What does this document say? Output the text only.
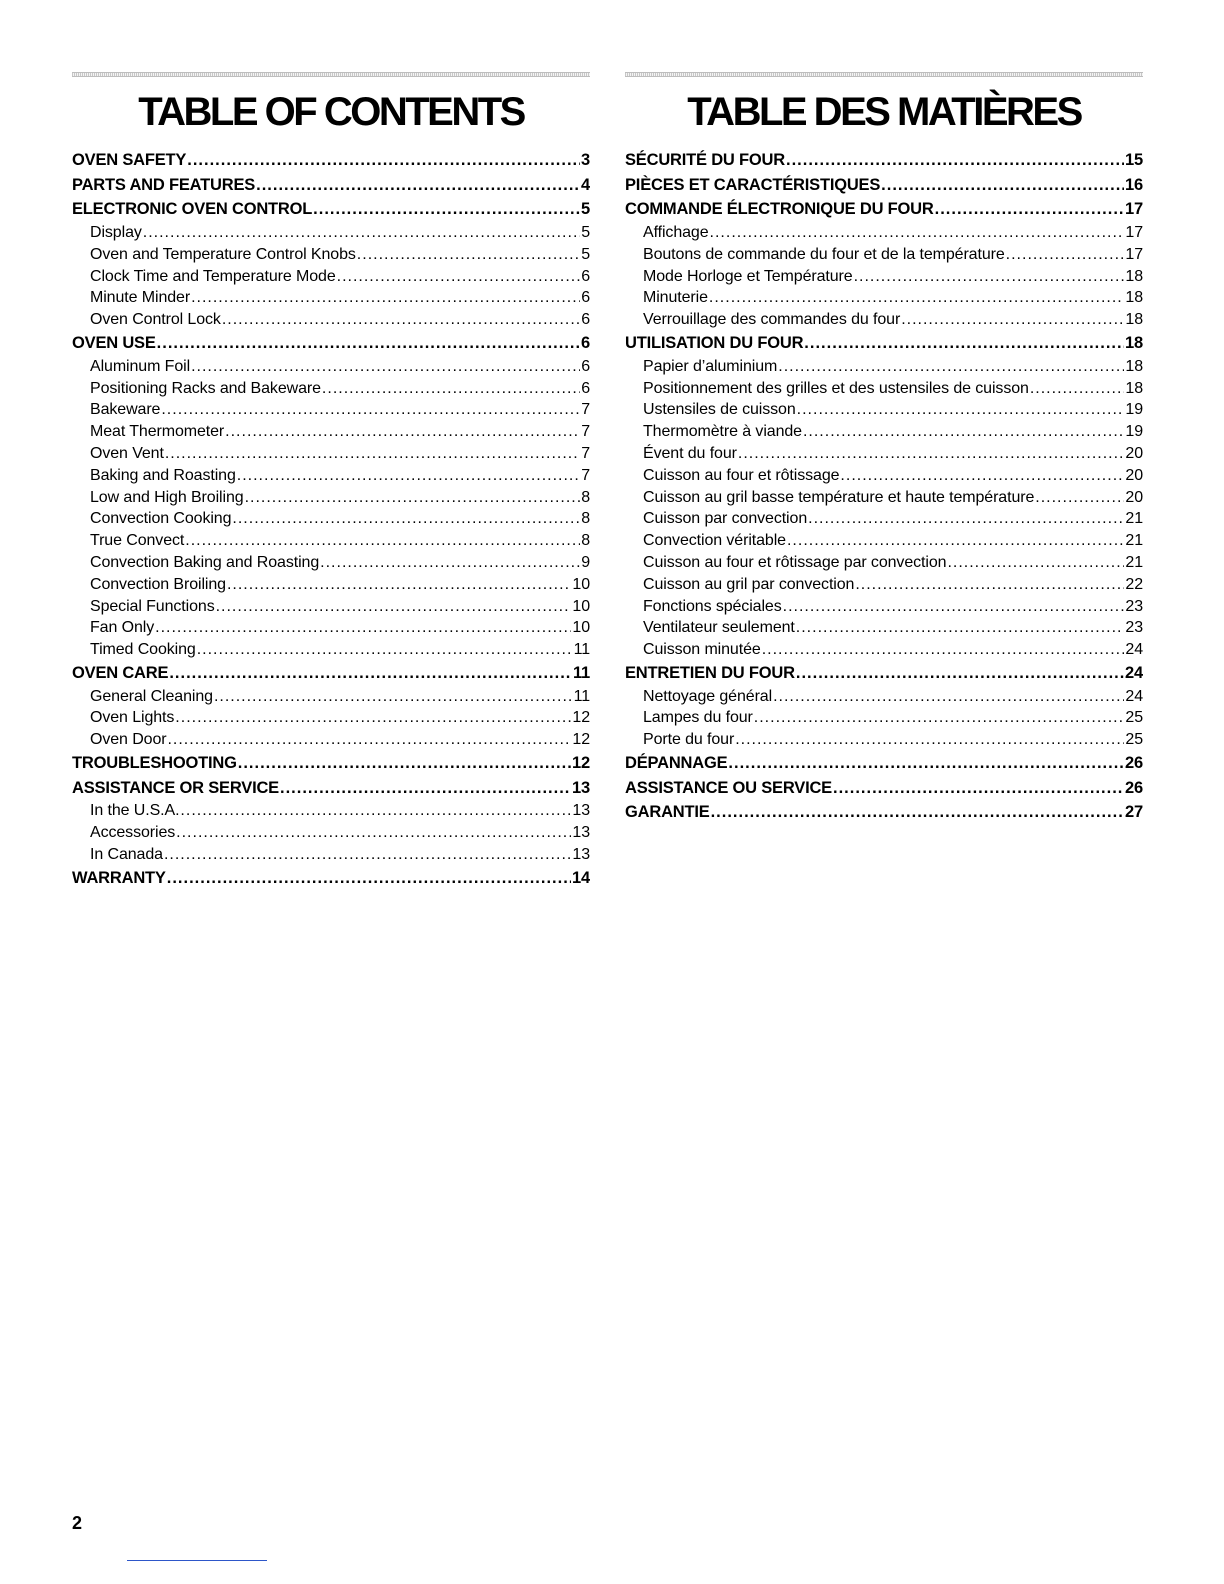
TABLE OF CONTENTS
OVEN SAFETY .....	3
PARTS AND FEATURES .....	4
ELECTRONIC OVEN CONTROL .....	5
Display .....	5
Oven and Temperature Control Knobs .....	5
Clock Time and Temperature Mode .....	6
Minute Minder .....	6
Oven Control Lock .....	6
OVEN USE .....	6
Aluminum Foil .....	6
Positioning Racks and Bakeware .....	6
Bakeware .....	7
Meat Thermometer .....	7
Oven Vent .....	7
Baking and Roasting .....	7
Low and High Broiling .....	8
Convection Cooking .....	8
True Convect .....	8
Convection Baking and Roasting .....	9
Convection Broiling .....	10
Special Functions .....	10
Fan Only .....	10
Timed Cooking .....	11
OVEN CARE .....	11
General Cleaning .....	11
Oven Lights .....	12
Oven Door .....	12
TROUBLESHOOTING .....	12
ASSISTANCE OR SERVICE .....	13
In the U.S.A. .....	13
Accessories .....	13
In Canada .....	13
WARRANTY .....	14
TABLE DES MATIÈRES
SÉCURITÉ DU FOUR .....	15
PIÈCES ET CARACTÉRISTIQUES .....	16
COMMANDE ÉLECTRONIQUE DU FOUR .....	17
Affichage .....	17
Boutons de commande du four et de la température .....	17
Mode Horloge et Température .....	18
Minuterie .....	18
Verrouillage des commandes du four .....	18
UTILISATION DU FOUR .....	18
Papier d’aluminium .....	18
Positionnement des grilles et des ustensiles de cuisson .....	18
Ustensiles de cuisson .....	19
Thermomètre à viande .....	19
Évent du four .....	20
Cuisson au four et rôtissage .....	20
Cuisson au gril basse température et haute température .....	20
Cuisson par convection .....	21
Convection véritable .....	21
Cuisson au four et rôtissage par convection .....	21
Cuisson au gril par convection .....	22
Fonctions spéciales .....	23
Ventilateur seulement .....	23
Cuisson minutée .....	24
ENTRETIEN DU FOUR .....	24
Nettoyage général .....	24
Lampes du four .....	25
Porte du four .....	25
DÉPANNAGE .....	26
ASSISTANCE OU SERVICE .....	26
GARANTIE .....	27
2
